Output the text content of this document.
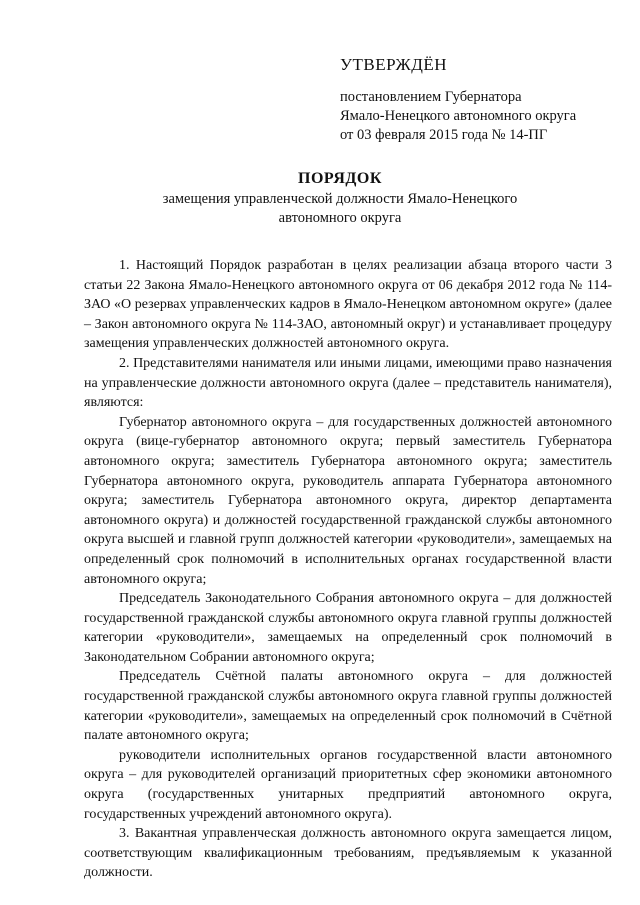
УТВЕРЖДЁН
постановлением Губернатора
Ямало-Ненецкого автономного округа
от 03 февраля 2015 года № 14-ПГ
ПОРЯДОК
замещения управленческой должности Ямало-Ненецкого
автономного округа

1. Настоящий Порядок разработан в целях реализации абзаца второго части 3 статьи 22 Закона Ямало-Ненецкого автономного округа от 06 декабря 2012 года № 114-ЗАО «О резервах управленческих кадров в Ямало-Ненецком автономном округе» (далее – Закон автономного округа № 114-ЗАО, автономный округ) и устанавливает процедуру замещения управленческих должностей автономного округа.

2. Представителями нанимателя или иными лицами, имеющими право назначения на управленческие должности автономного округа (далее – представитель нанимателя), являются:

Губернатор автономного округа – для государственных должностей автономного округа (вице-губернатор автономного округа; первый заместитель Губернатора автономного округа; заместитель Губернатора автономного округа; заместитель Губернатора автономного округа, руководитель аппарата Губернатора автономного округа; заместитель Губернатора автономного округа, директор департамента автономного округа) и должностей государственной гражданской службы автономного округа высшей и главной групп должностей категории «руководители», замещаемых на определенный срок полномочий в исполнительных органах государственной власти автономного округа;

Председатель Законодательного Собрания автономного округа – для должностей государственной гражданской службы автономного округа главной группы должностей категории «руководители», замещаемых на определенный срок полномочий в Законодательном Собрании автономного округа;

Председатель Счётной палаты автономного округа – для должностей государственной гражданской службы автономного округа главной группы должностей категории «руководители», замещаемых на определенный срок полномочий в Счётной палате автономного округа;

руководители исполнительных органов государственной власти автономного округа – для руководителей организаций приоритетных сфер экономики автономного округа (государственных унитарных предприятий автономного округа, государственных учреждений автономного округа).

3. Вакантная управленческая должность автономного округа замещается лицом, соответствующим квалификационным требованиям, предъявляемым к указанной должности.
